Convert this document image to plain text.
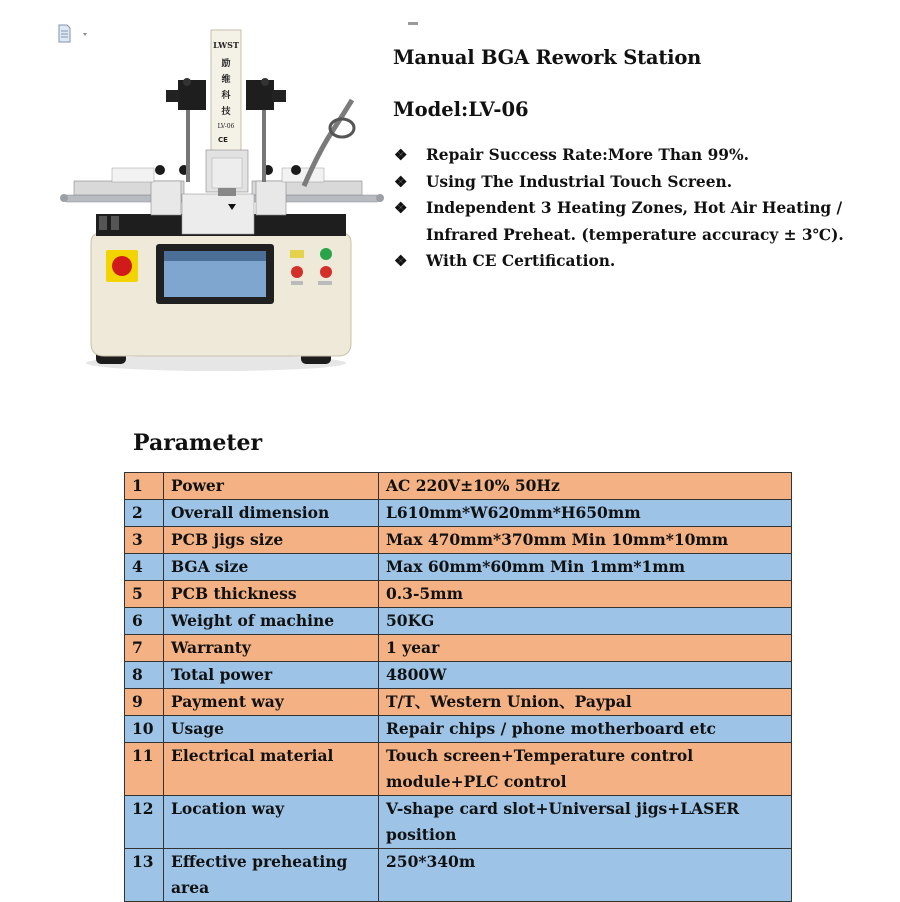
LWST
励
维
科
技
LV-06
CE
Manual BGA Rework Station
Model:LV-06
❖ Repair Success Rate:More Than 99%.
❖ Using The Industrial Touch Screen.
❖ Independent 3 Heating Zones, Hot Air Heating / Infrared Preheat. (temperature accuracy ± 3℃).
❖ With CE Certification.
Parameter
1	Power	AC 220V±10% 50Hz
2	Overall dimension	L610mm*W620mm*H650mm
3	PCB jigs size	Max 470mm*370mm Min 10mm*10mm
4	BGA size	Max 60mm*60mm Min 1mm*1mm
5	PCB thickness	0.3-5mm
6	Weight of machine	50KG
7	Warranty	1 year
8	Total power	4800W
9	Payment way	T/T、Western Union、Paypal
10	Usage	Repair chips / phone motherboard etc
11	Electrical material	Touch screen+Temperature control module+PLC control
12	Location way	V-shape card slot+Universal jigs+LASER position
13	Effective preheating area	250*340m
